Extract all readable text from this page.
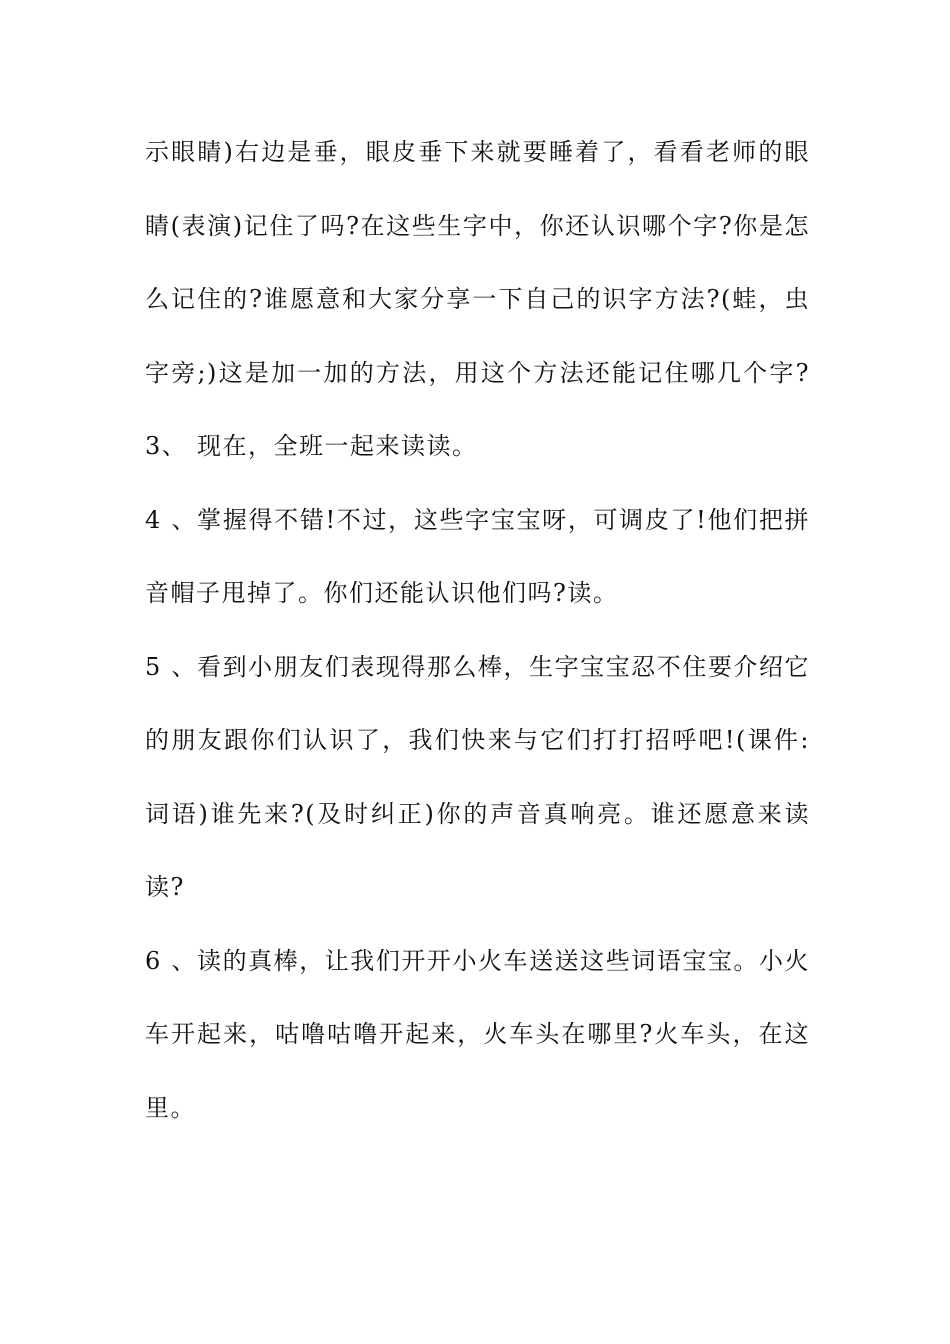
示眼睛)右边是垂，眼皮垂下来就要睡着了，看看老师的眼
睛(表演)记住了吗?在这些生字中，你还认识哪个字?你是怎
么记住的?谁愿意和大家分享一下自己的识字方法?(蛙，虫
字旁;)这是加一加的方法，用这个方法还能记住哪几个字?
3、 现在，全班一起来读读。
4、掌握得不错!不过，这些字宝宝呀，可调皮了!他们把拼
音帽子甩掉了。你们还能认识他们吗?读。
5、看到小朋友们表现得那么棒，生字宝宝忍不住要介绍它
的朋友跟你们认识了，我们快来与它们打打招呼吧!(课件:
词语)谁先来?(及时纠正)你的声音真响亮。谁还愿意来读
读?
6、读的真棒，让我们开开小火车送送这些词语宝宝。小火
车开起来，咕噜咕噜开起来，火车头在哪里?火车头，在这
里。
